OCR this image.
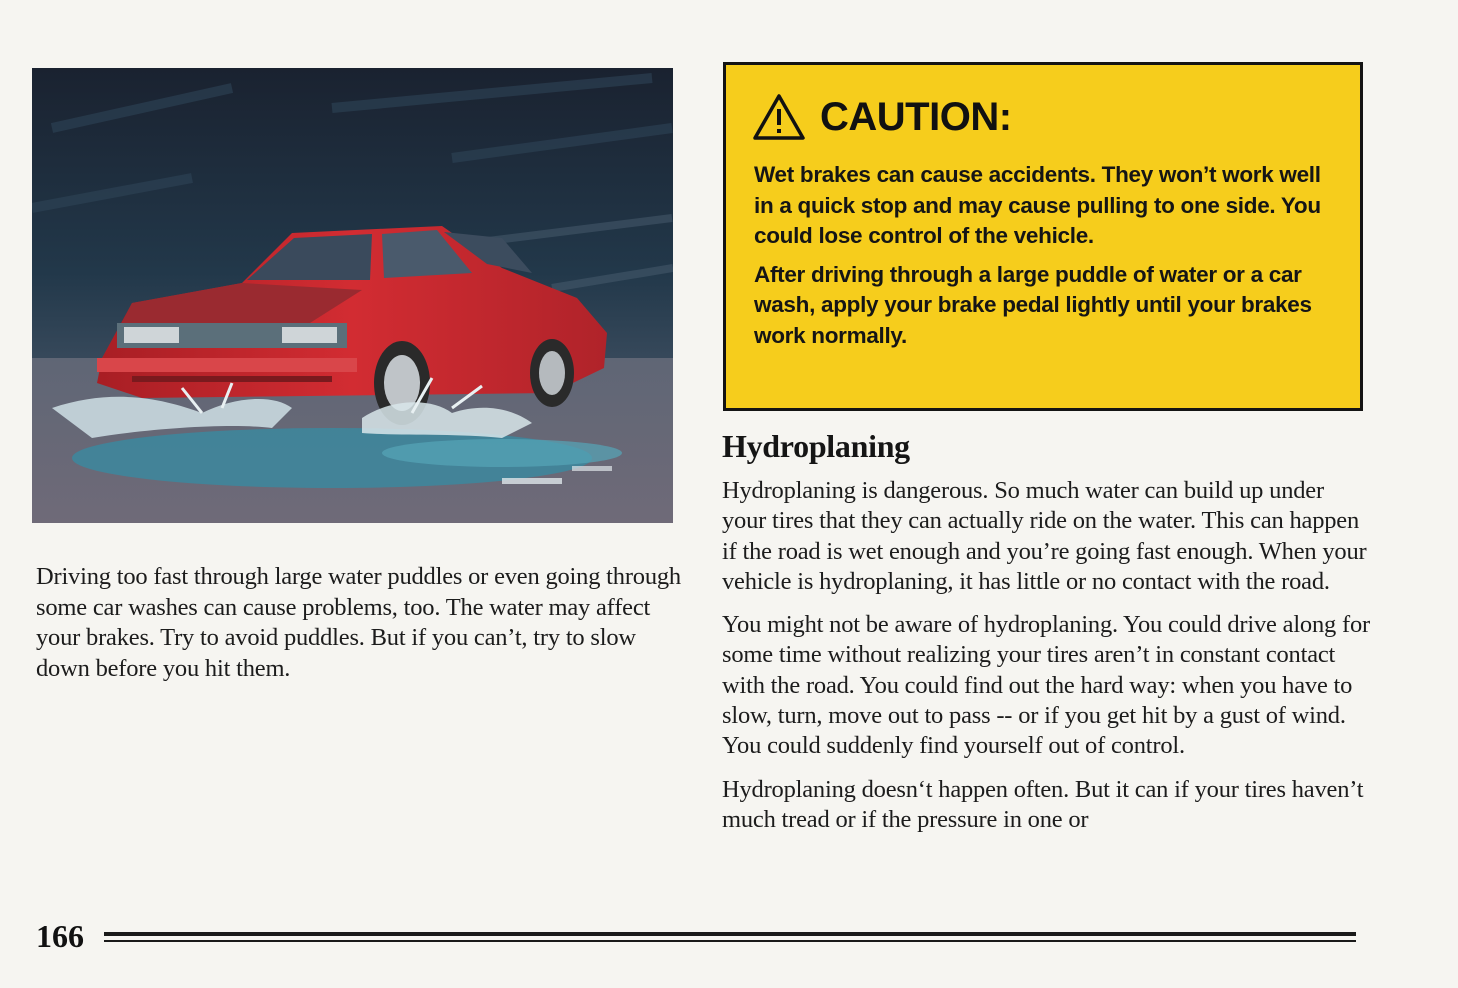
Driving too fast through large water puddles or even going through some car washes can cause problems, too. The water may affect your brakes. Try to avoid puddles. But if you can’t, try to slow down before you hit them.

CAUTION:

Wet brakes can cause accidents. They won’t work well in a quick stop and may cause pulling to one side. You could lose control of the vehicle.

After driving through a large puddle of water or a car wash, apply your brake pedal lightly until your brakes work normally.

Hydroplaning

Hydroplaning is dangerous. So much water can build up under your tires that they can actually ride on the water. This can happen if the road is wet enough and you’re going fast enough. When your vehicle is hydroplaning, it has little or no contact with the road.

You might not be aware of hydroplaning. You could drive along for some time without realizing your tires aren’t in constant contact with the road. You could find out the hard way: when you have to slow, turn, move out to pass -- or if you get hit by a gust of wind. You could suddenly find yourself out of control.

Hydroplaning doesn‘t happen often. But it can if your tires haven’t much tread or if the pressure in one or

166
